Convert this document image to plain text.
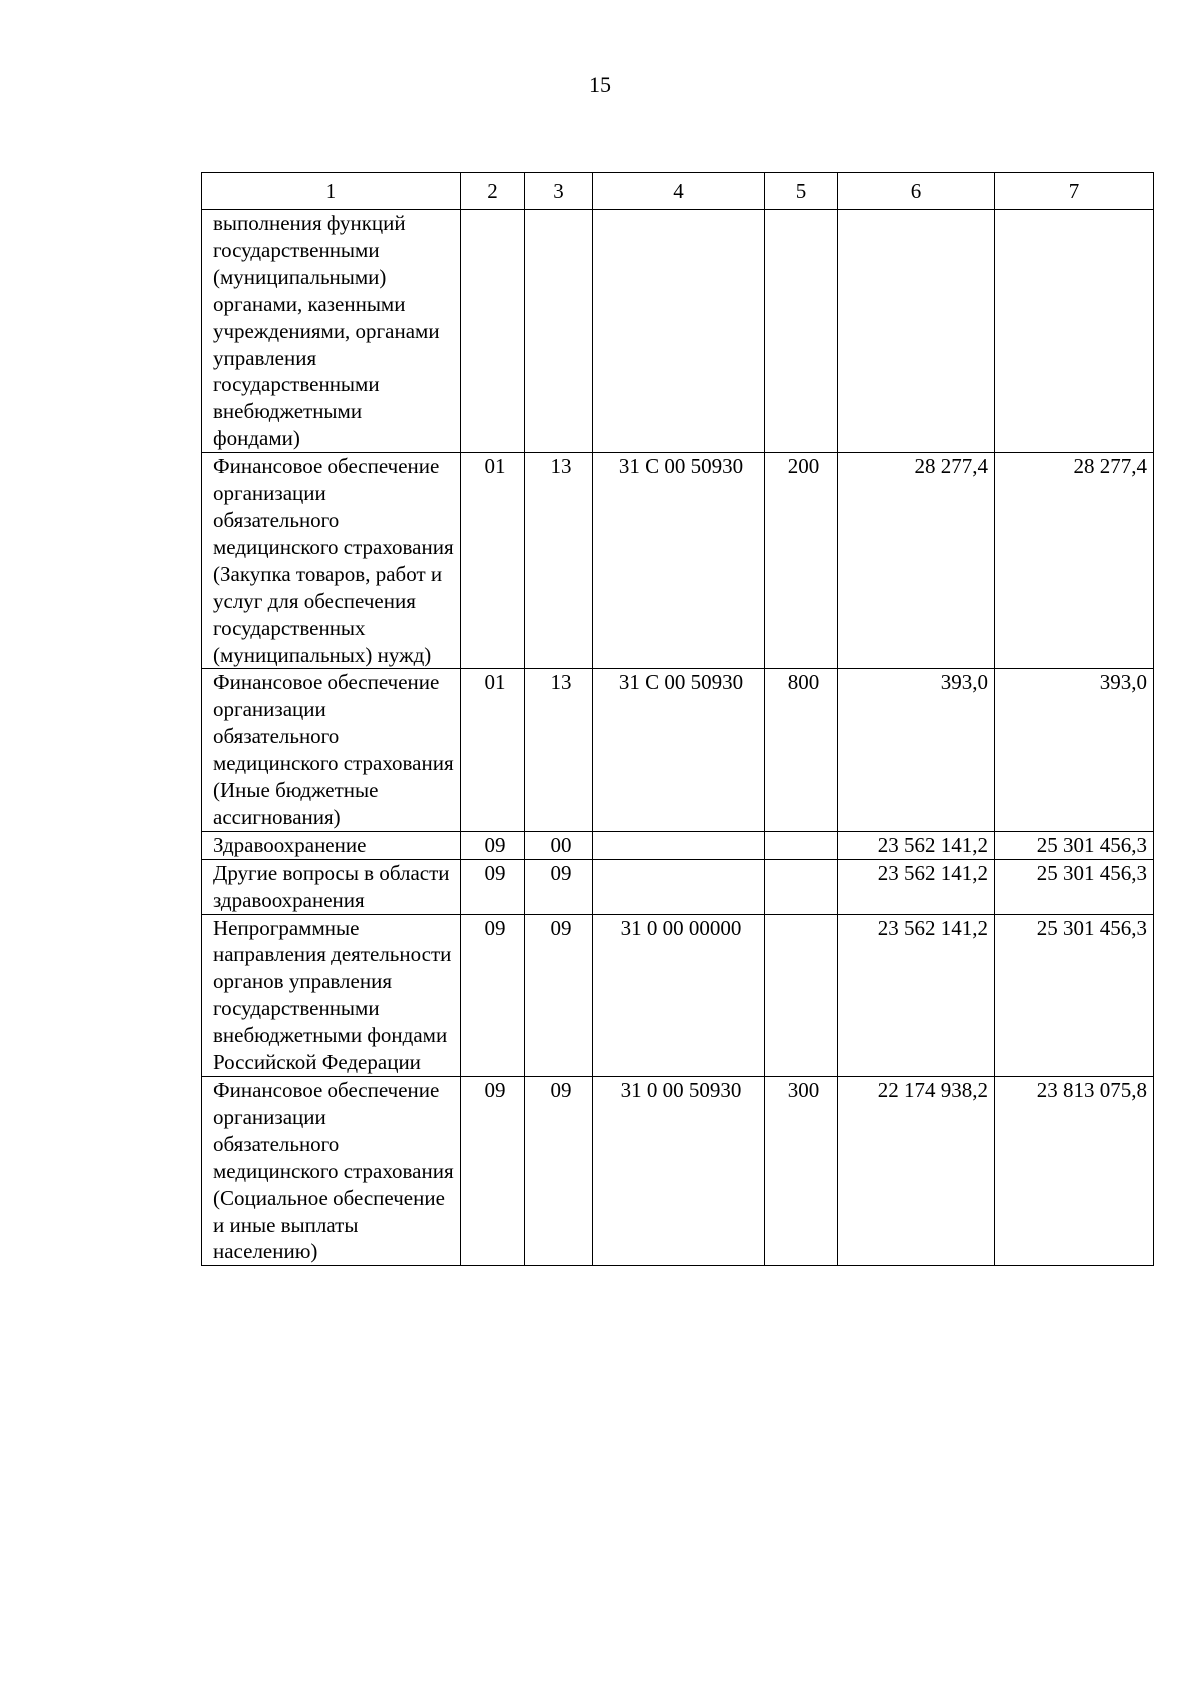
15
1	2	3	4	5	6	7
выполнения функций государственными (муниципальными) органами, казенными учреждениями, органами управления государственными внебюджетными фондами)						
Финансовое обеспечение организации обязательного медицинского страхования (Закупка товаров, работ и услуг для обеспечения государственных (муниципальных) нужд)	01	13	31 С 00 50930	200	28 277,4	28 277,4
Финансовое обеспечение организации обязательного медицинского страхования (Иные бюджетные ассигнования)	01	13	31 С 00 50930	800	393,0	393,0
Здравоохранение	09	00			23 562 141,2	25 301 456,3
Другие вопросы в области здравоохранения	09	09			23 562 141,2	25 301 456,3
Непрограммные направления деятельности органов управления государственными внебюджетными фондами Российской Федерации	09	09	31 0 00 00000		23 562 141,2	25 301 456,3
Финансовое обеспечение организации обязательного медицинского страхования (Социальное обеспечение и иные выплаты населению)	09	09	31 0 00 50930	300	22 174 938,2	23 813 075,8
